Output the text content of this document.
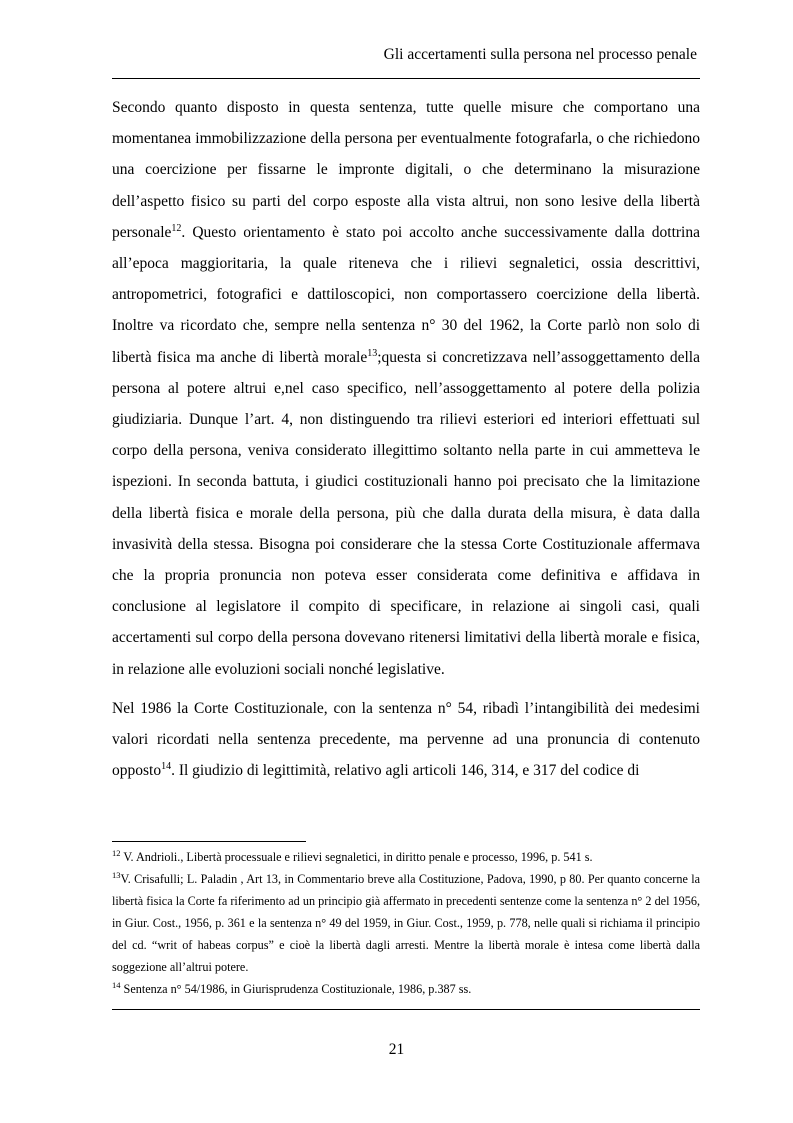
Gli accertamenti sulla persona nel processo penale

Secondo quanto disposto in questa sentenza, tutte quelle misure che comportano una momentanea immobilizzazione della persona per eventualmente fotografarla, o che richiedono una coercizione per fissarne le impronte digitali, o che determinano la misurazione dell’aspetto fisico su parti del corpo esposte alla vista altrui, non sono lesive della libertà personale$^{12}$. Questo orientamento è stato poi accolto anche successivamente dalla dottrina all’epoca maggioritaria, la quale riteneva che i rilievi segnaletici, ossia descrittivi, antropometrici, fotografici e dattiloscopici, non comportassero coercizione della libertà. Inoltre va ricordato che, sempre nella sentenza n° 30 del 1962, la Corte parlò non solo di libertà fisica ma anche di libertà morale$^{13}$;questa si concretizzava nell’assoggettamento della persona al potere altrui e,nel caso specifico, nell’assoggettamento al potere della polizia giudiziaria. Dunque l’art. 4, non distinguendo tra rilievi esteriori ed interiori effettuati sul corpo della persona, veniva considerato illegittimo soltanto nella parte in cui ammetteva le ispezioni. In seconda battuta, i giudici costituzionali hanno poi precisato che la limitazione della libertà fisica e morale della persona, più che dalla durata della misura, è data dalla invasività della stessa. Bisogna poi considerare che la stessa Corte Costituzionale affermava che la propria pronuncia non poteva esser considerata come definitiva e affidava in conclusione al legislatore il compito di specificare, in relazione ai singoli casi, quali accertamenti sul corpo della persona dovevano ritenersi limitativi della libertà morale e fisica, in relazione alle evoluzioni sociali nonché legislative.

Nel 1986 la Corte Costituzionale, con la sentenza n° 54, ribadì l’intangibilità dei medesimi valori ricordati nella sentenza precedente, ma pervenne ad una pronuncia di contenuto opposto$^{14}$. Il giudizio di legittimità, relativo agli articoli 146, 314, e 317 del codice di

$^{12}$ V. Andrioli., Libertà processuale e rilievi segnaletici, in diritto penale e processo, 1996, p. 541 s.

$^{13}$V. Crisafulli; L. Paladin , Art 13, in Commentario breve alla Costituzione, Padova, 1990, p 80. Per quanto concerne la libertà fisica la Corte fa riferimento ad un principio già affermato in precedenti sentenze come la sentenza n° 2 del 1956, in Giur. Cost., 1956, p. 361 e la sentenza n° 49 del 1959, in Giur. Cost., 1959, p. 778, nelle quali si richiama il principio del cd. “writ of habeas corpus” e cioè la libertà dagli arresti. Mentre la libertà morale è intesa come libertà dalla soggezione all’altrui potere.

$^{14}$ Sentenza n° 54/1986, in Giurisprudenza Costituzionale, 1986, p.387 ss.

21
